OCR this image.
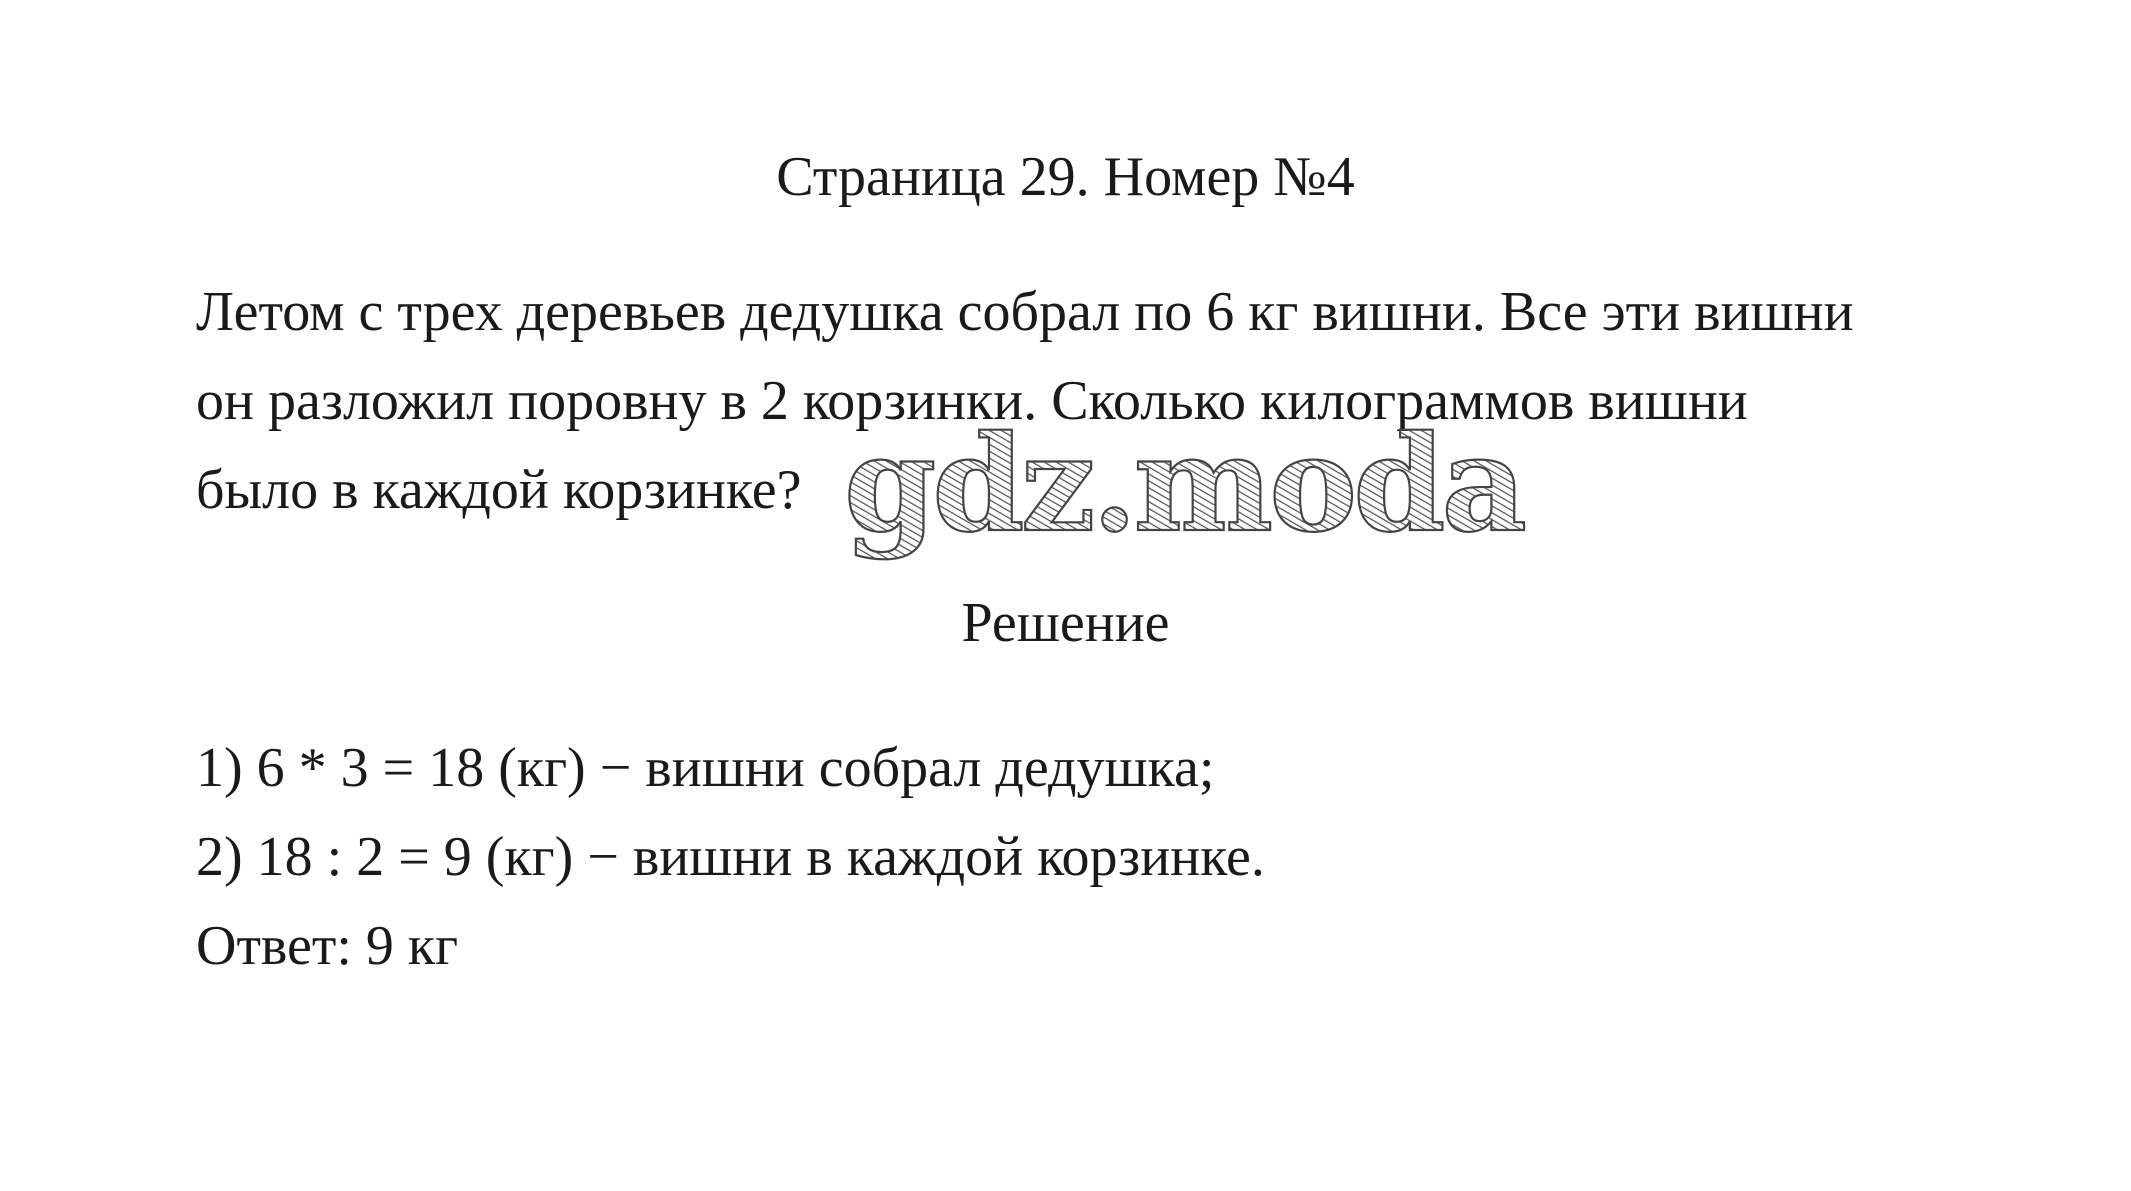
Страница 29. Номер №4
Летом с трех деревьев дедушка собрал по 6 кг вишни. Все эти вишни
он разложил поровну в 2 корзинки. Сколько килограммов вишни
было в каждой корзинке? gdz.moda
Решение
1) 6 * 3 = 18 (кг) − вишни собрал дедушка;
2) 18 : 2 = 9 (кг) − вишни в каждой корзинке.
Ответ: 9 кг
